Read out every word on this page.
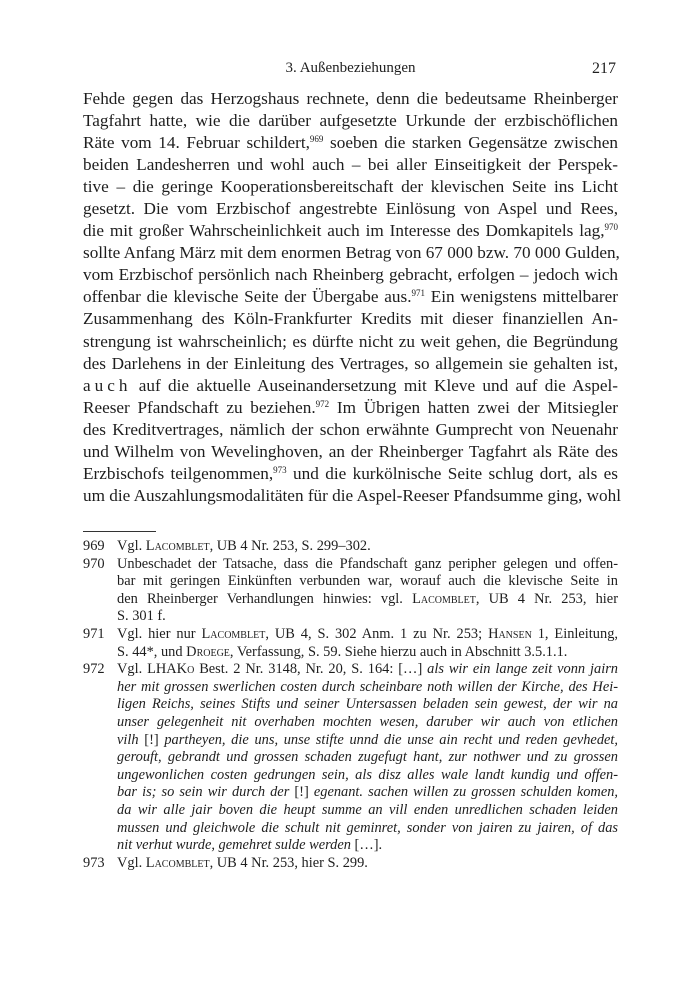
3. Außenbeziehungen	217
Fehde gegen das Herzogshaus rechnete, denn die bedeutsame Rheinberger
Tagfahrt hatte, wie die darüber aufgesetzte Urkunde der erzbischöflichen
Räte vom 14. Februar schildert,$^{969}$ soeben die starken Gegensätze zwischen
beiden Landesherren und wohl auch – bei aller Einseitigkeit der Perspek-
tive – die geringe Kooperationsbereitschaft der klevischen Seite ins Licht
gesetzt. Die vom Erzbischof angestrebte Einlösung von Aspel und Rees,
die mit großer Wahrscheinlichkeit auch im Interesse des Domkapitels lag,$^{970}$
sollte Anfang März mit dem enormen Betrag von 67 000 bzw. 70 000 Gulden,
vom Erzbischof persönlich nach Rheinberg gebracht, erfolgen – jedoch wich
offenbar die klevische Seite der Übergabe aus.$^{971}$ Ein wenigstens mittelbarer
Zusammenhang des Köln-Frankfurter Kredits mit dieser finanziellen An-
strengung ist wahrscheinlich; es dürfte nicht zu weit gehen, die Begründung
des Darlehens in der Einleitung des Vertrages, so allgemein sie gehalten ist,
auch auf die aktuelle Auseinandersetzung mit Kleve und auf die Aspel-
Reeser Pfandschaft zu beziehen.$^{972}$ Im Übrigen hatten zwei der Mitsiegler
des Kreditvertrages, nämlich der schon erwähnte Gumprecht von Neuenahr
und Wilhelm von Wevelinghoven, an der Rheinberger Tagfahrt als Räte des
Erzbischofs teilgenommen,$^{973}$ und die kurkölnische Seite schlug dort, als es
um die Auszahlungsmodalitäten für die Aspel-Reeser Pfandsumme ging, wohl
969 Vgl. Lacomblet, UB 4 Nr. 253, S. 299–302.
970 Unbeschadet der Tatsache, dass die Pfandschaft ganz peripher gelegen und offen-
bar mit geringen Einkünften verbunden war, worauf auch die klevische Seite in
den Rheinberger Verhandlungen hinwies: vgl. Lacomblet, UB 4 Nr. 253, hier
S. 301 f.
971 Vgl. hier nur Lacomblet, UB 4, S. 302 Anm. 1 zu Nr. 253; Hansen 1, Einleitung,
S. 44*, und Droege, Verfassung, S. 59. Siehe hierzu auch in Abschnitt 3.5.1.1.
972 Vgl. LHAKo Best. 2 Nr. 3148, Nr. 20, S. 164: […] als wir ein lange zeit vonn jairn
her mit grossen swerlichen costen durch scheinbare noth willen der Kirche, des Hei-
ligen Reichs, seines Stifts und seiner Untersassen beladen sein gewest, der wir na
unser gelegenheit nit overhaben mochten wesen, daruber wir auch von etlichen
vilh [!] partheyen, die uns, unse stifte unnd die unse ain recht und reden gevhedet,
gerouft, gebrandt und grossen schaden zugefugt hant, zur nothwer und zu grossen
ungewonlichen costen gedrungen sein, als disz alles wale landt kundig und offen-
bar is; so sein wir durch der [!] egenant. sachen willen zu grossen schulden komen,
da wir alle jair boven die heupt summe an vill enden unredlichen schaden leiden
mussen und gleichwole die schult nit geminret, sonder von jairen zu jairen, of das
nit verhut wurde, gemehret sulde werden […].
973 Vgl. Lacomblet, UB 4 Nr. 253, hier S. 299.
